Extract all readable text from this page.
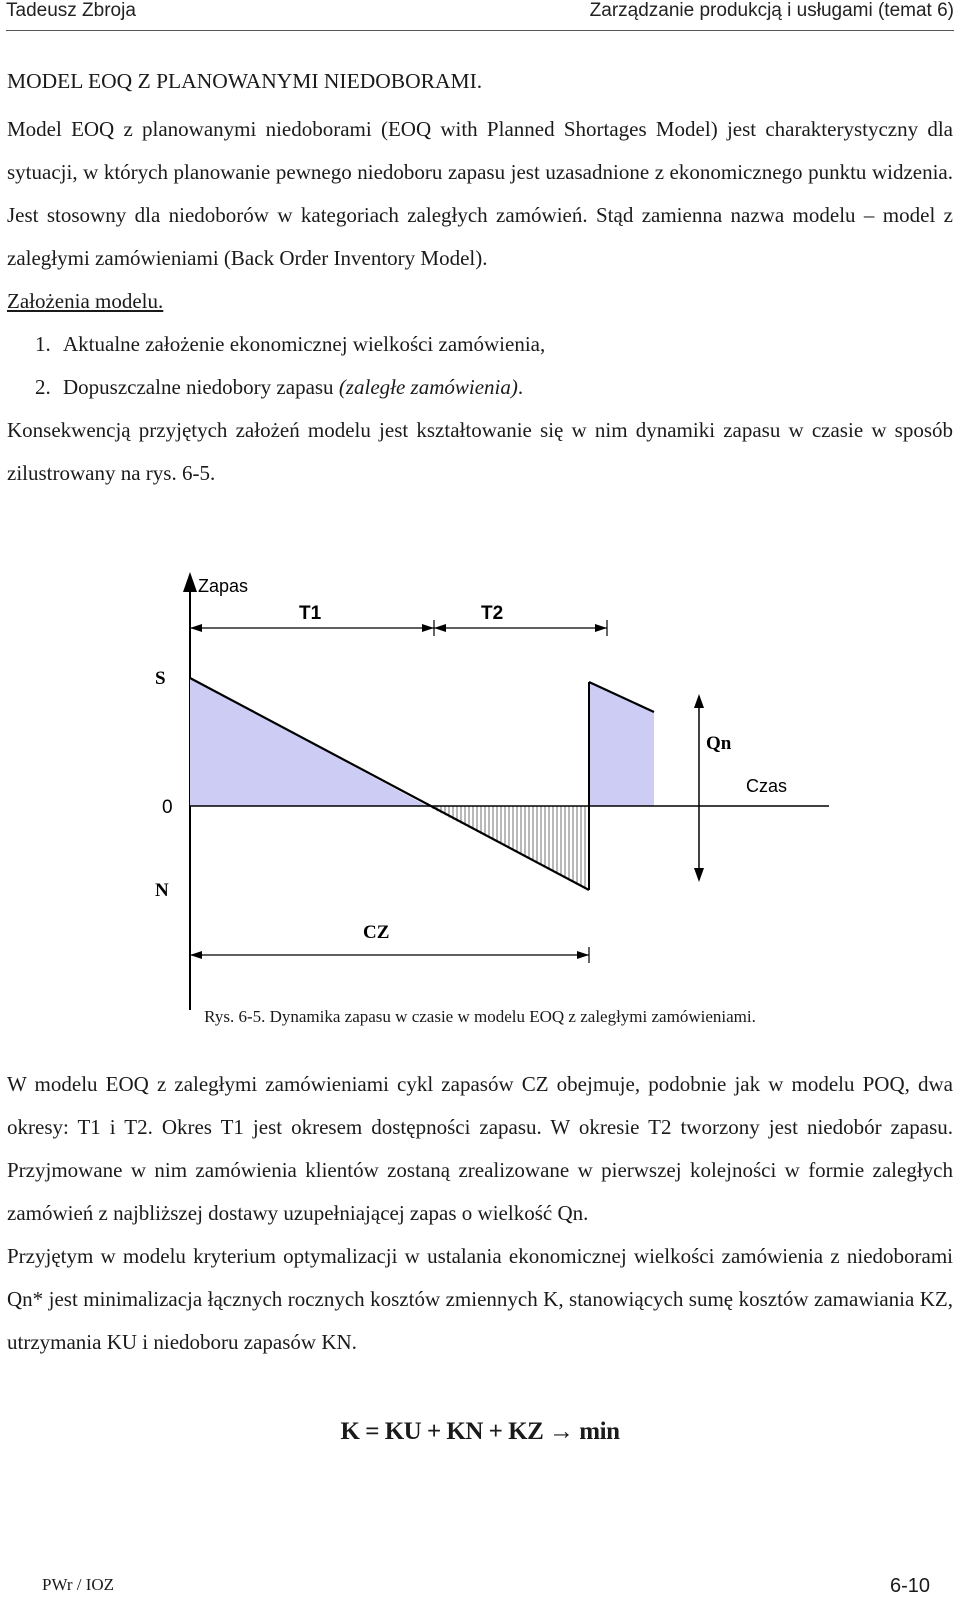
Tadeusz Zbroja	Zarządzanie produkcją i usługami (temat 6)
MODEL EOQ Z PLANOWANYMI NIEDOBORAMI.

Model EOQ z planowanymi niedoborami (EOQ with Planned Shortages Model) jest charakterystyczny dla sytuacji, w których planowanie pewnego niedoboru zapasu jest uzasadnione z ekonomicznego punktu widzenia. Jest stosowny dla niedoborów w kategoriach zaległych zamówień. Stąd zamienna nazwa modelu – model z zaległymi zamówieniami (Back Order Inventory Model).

Założenia modelu.
1. Aktualne założenie ekonomicznej wielkości zamówienia,
2. Dopuszczalne niedobory zapasu (zaległe zamówienia).

Konsekwencją przyjętych założeń modelu jest kształtowanie się w nim dynamiki zapasu w czasie w sposób zilustrowany na rys. 6-5.

Zapas
T1	T2
S
Qn
0
Czas
N
CZ
Rys. 6-5. Dynamika zapasu w czasie w modelu EOQ z zaległymi zamówieniami.

W modelu EOQ z zaległymi zamówieniami cykl zapasów CZ obejmuje, podobnie jak w modelu POQ, dwa okresy: T1 i T2. Okres T1 jest okresem dostępności zapasu. W okresie T2 tworzony jest niedobór zapasu. Przyjmowane w nim zamówienia klientów zostaną zrealizowane w pierwszej kolejności w formie zaległych zamówień z najbliższej dostawy uzupełniającej zapas o wielkość Qn.

Przyjętym w modelu kryterium optymalizacji w ustalania ekonomicznej wielkości zamówienia z niedoborami Qn* jest minimalizacja łącznych rocznych kosztów zmiennych K, stanowiących sumę kosztów zamawiania KZ, utrzymania KU i niedoboru zapasów KN.

K = KU + KN + KZ → min
PWr / IOZ	6-10
